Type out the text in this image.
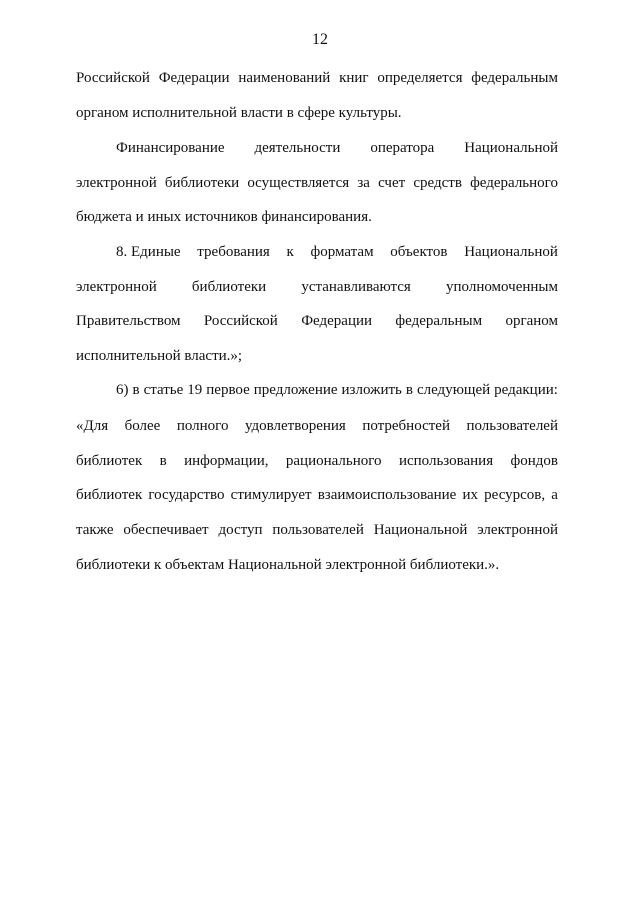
12
Российской Федерации наименований книг определяется федеральным
органом исполнительной власти в сфере культуры.
Финансирование деятельности оператора Национальной
электронной библиотеки осуществляется за счет средств федерального
бюджета и иных источников финансирования.
8. Единые требования к форматам объектов Национальной
электронной библиотеки устанавливаются уполномоченным
Правительством Российской Федерации федеральным органом
исполнительной власти.»;
6) в статье 19 первое предложение изложить в следующей редакции:
«Для более полного удовлетворения потребностей пользователей
библиотек в информации, рационального использования фондов
библиотек государство стимулирует взаимоиспользование их ресурсов, а
также обеспечивает доступ пользователей Национальной электронной
библиотеки к объектам Национальной электронной библиотеки.».
